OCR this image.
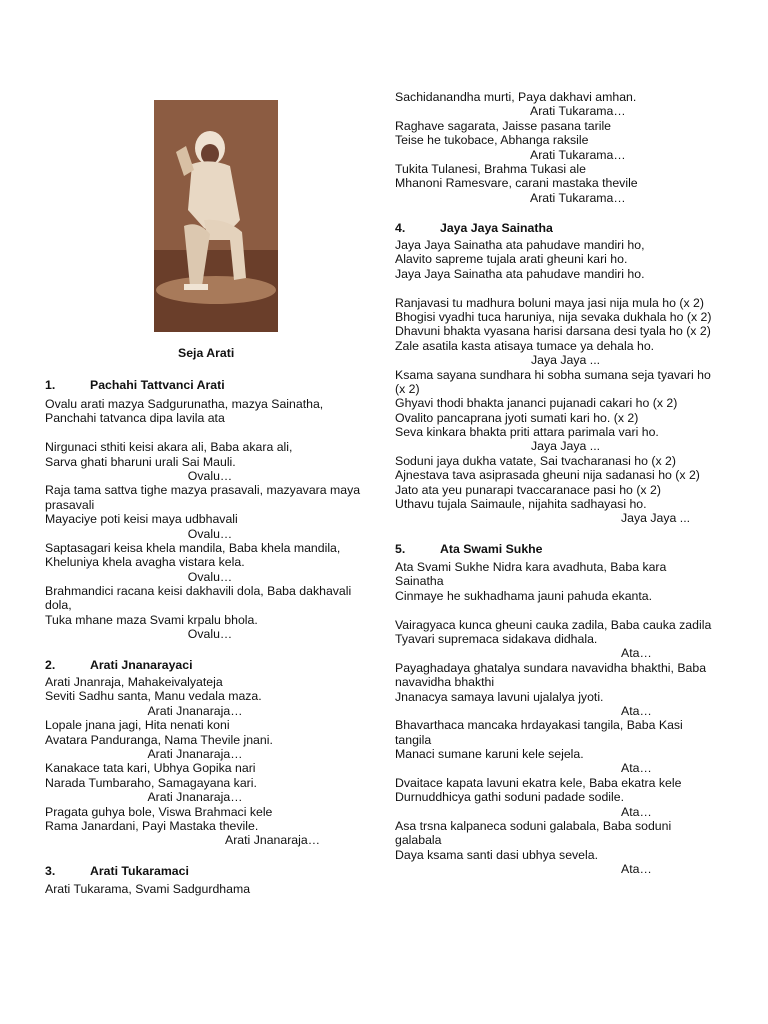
Seja Arati
1.	Pachahi Tattvanci Arati
Ovalu arati mazya Sadgurunatha, mazya Sainatha,
Panchahi tatvanca dipa lavila ata
Nirgunaci sthiti keisi akara ali, Baba akara ali,
Sarva ghati bharuni urali Sai Mauli.
Ovalu…
Raja tama sattva tighe mazya prasavali, mazyavara maya
prasavali
Mayaciye poti keisi maya udbhavali
Ovalu…
Saptasagari keisa khela mandila, Baba khela mandila,
Kheluniya khela avagha vistara kela.
Ovalu…
Brahmandici racana keisi dakhavili dola, Baba dakhavali
dola,
Tuka mhane maza Svami krpalu bhola.
Ovalu…
2.	Arati Jnanarayaci
Arati Jnanraja, Mahakeivalyateja
Seviti Sadhu santa, Manu vedala maza.
Arati Jnanaraja…
Lopale jnana jagi, Hita nenati koni
Avatara Panduranga, Nama Thevile jnani.
Arati Jnanaraja…
Kanakace tata kari, Ubhya Gopika nari
Narada Tumbaraho, Samagayana kari.
Arati Jnanaraja…
Pragata guhya bole, Viswa Brahmaci kele
Rama Janardani, Payi Mastaka thevile.
Arati Jnanaraja…
3.	Arati Tukaramaci
Arati Tukarama, Svami Sadgurdhama
Sachidanandha murti, Paya dakhavi amhan.
Arati Tukarama…
Raghave sagarata, Jaisse pasana tarile
Teise he tukobace, Abhanga raksile
Arati Tukarama…
Tukita Tulanesi, Brahma Tukasi ale
Mhanoni Ramesvare, carani mastaka thevile
Arati Tukarama…
4.	Jaya Jaya Sainatha
Jaya Jaya Sainatha ata pahudave mandiri ho,
Alavito sapreme tujala arati gheuni kari ho.
Jaya Jaya Sainatha ata pahudave mandiri ho.
Ranjavasi tu madhura boluni maya jasi nija mula ho (x 2)
Bhogisi vyadhi tuca haruniya, nija sevaka dukhala ho (x 2)
Dhavuni bhakta vyasana harisi darsana desi tyala ho (x 2)
Zale asatila kasta atisaya tumace ya dehala ho.
Jaya Jaya ...
Ksama sayana sundhara hi sobha sumana seja tyavari ho
(x 2)
Ghyavi thodi bhakta jananci pujanadi cakari ho (x 2)
Ovalito pancaprana jyoti sumati kari ho. (x 2)
Seva kinkara bhakta priti attara parimala vari ho.
Jaya Jaya ...
Soduni jaya dukha vatate, Sai tvacharanasi ho (x 2)
Ajnestava tava asiprasada gheuni nija sadanasi ho (x 2)
Jato ata yeu punarapi tvaccaranace pasi ho (x 2)
Uthavu tujala Saimaule, nijahita sadhayasi ho.
Jaya Jaya ...
5.	Ata Swami Sukhe
Ata Svami Sukhe Nidra kara avadhuta, Baba kara
Sainatha
Cinmaye he sukhadhama jauni pahuda ekanta.
Vairagyaca kunca gheuni cauka zadila, Baba cauka zadila
Tyavari supremaca sidakava didhala.
Ata…
Payaghadaya ghatalya sundara navavidha bhakthi, Baba
navavidha bhakthi
Jnanacya samaya lavuni ujalalya jyoti.
Ata…
Bhavarthaca mancaka hrdayakasi tangila, Baba Kasi
tangila
Manaci sumane karuni kele sejela.
Ata…
Dvaitace kapata lavuni ekatra kele, Baba ekatra kele
Durnuddhicya gathi soduni padade sodile.
Ata…
Asa trsna kalpaneca soduni galabala, Baba soduni
galabala
Daya ksama santi dasi ubhya sevela.
Ata…
